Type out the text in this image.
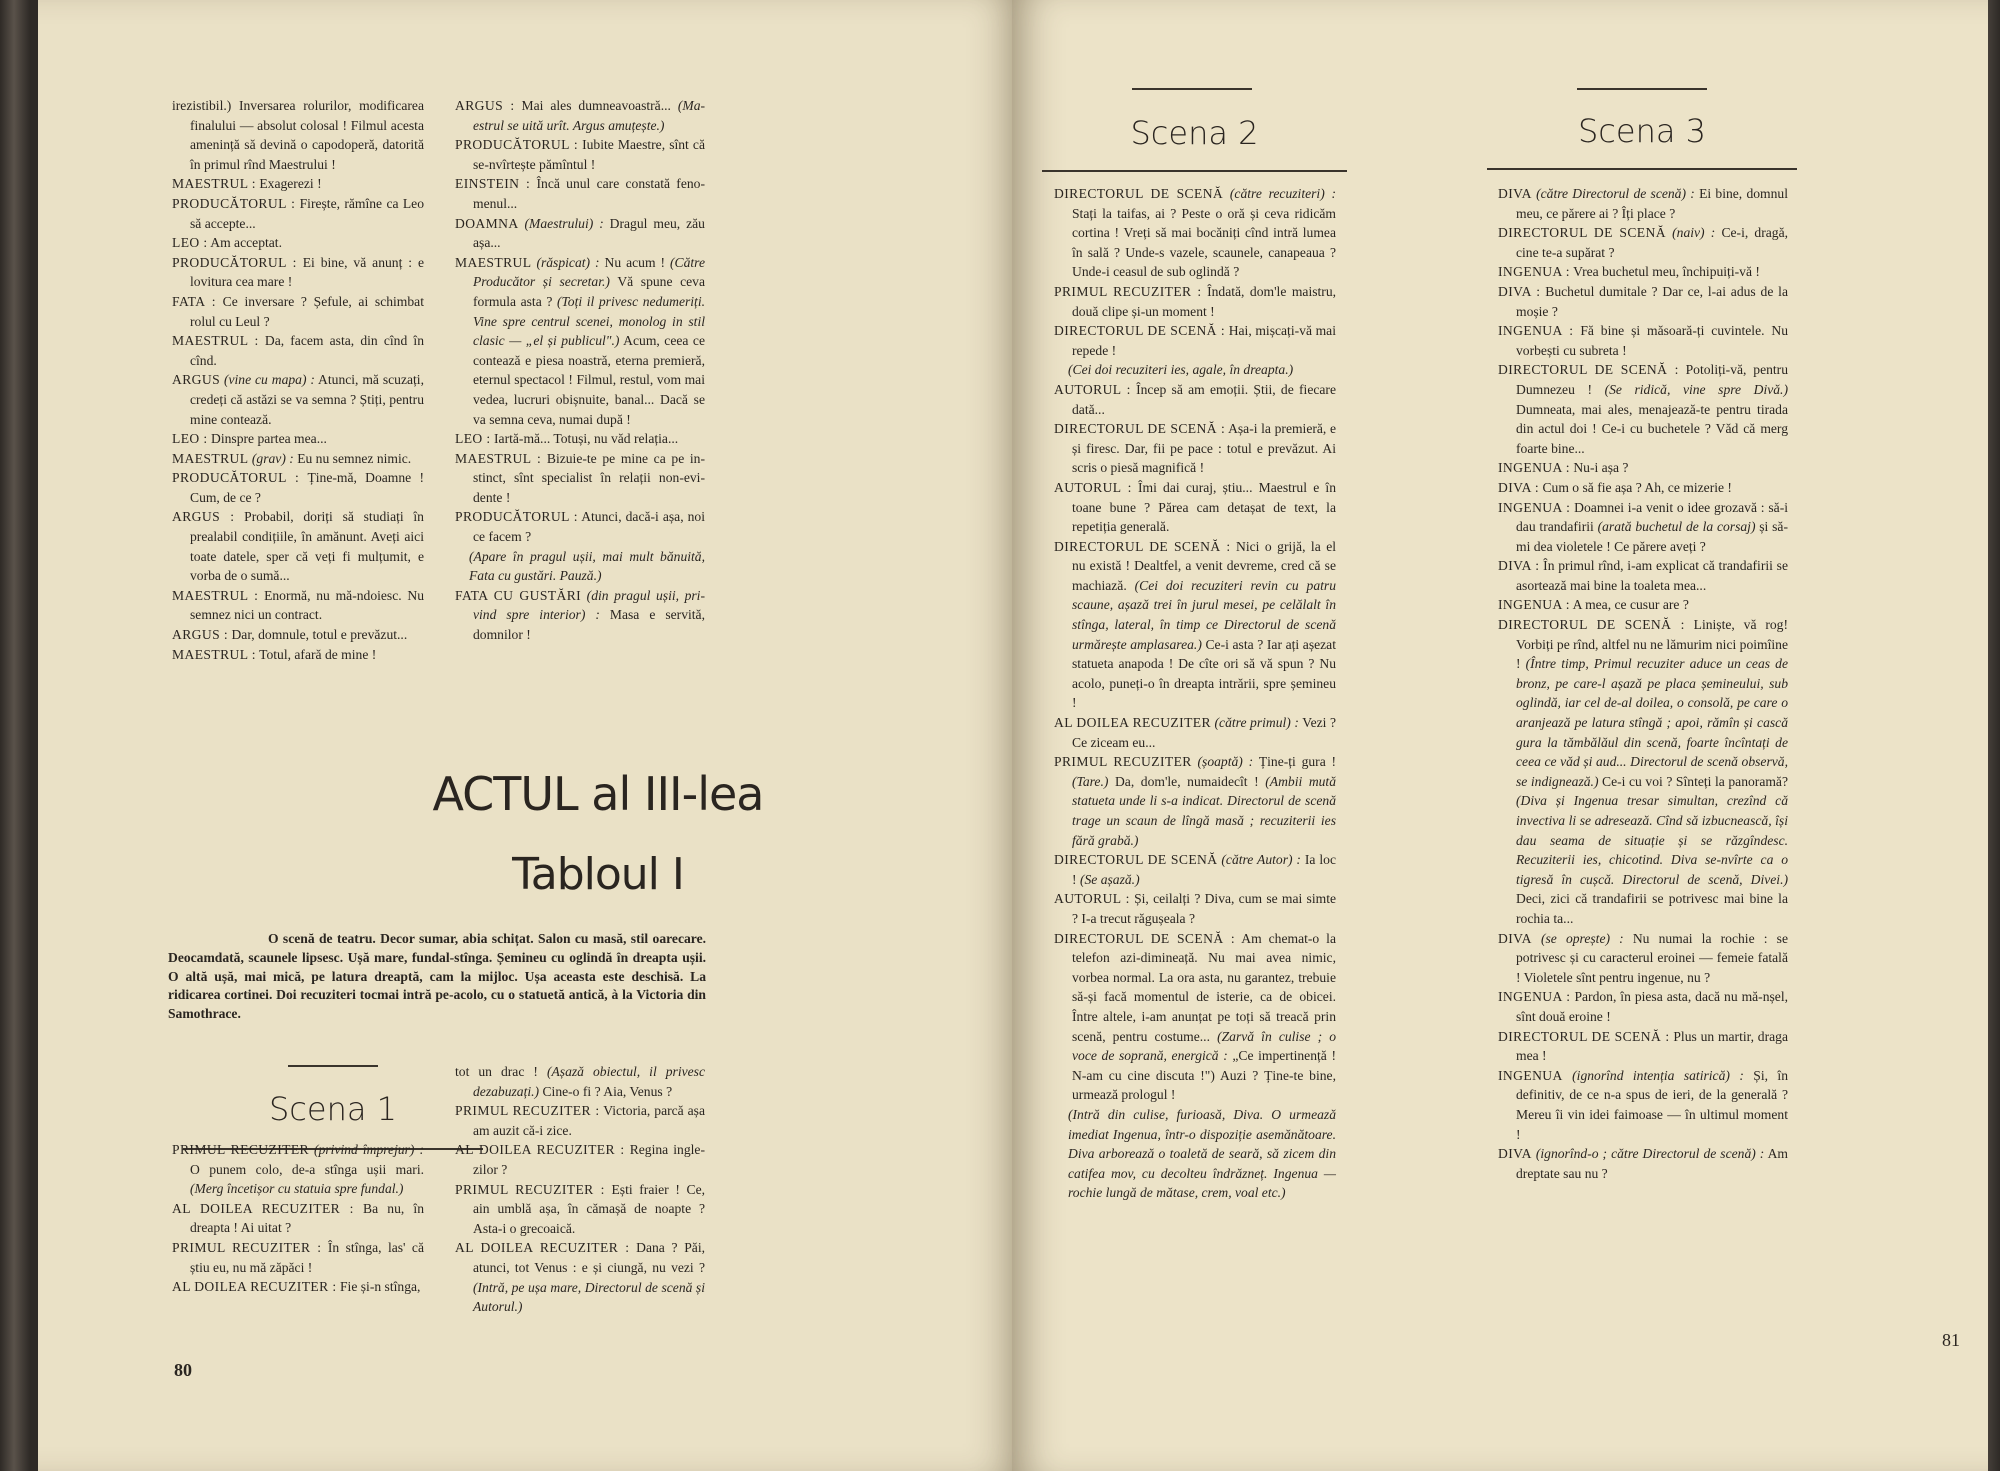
irezistibil.) Inversarea rolurilor, modificarea finalului — absolut colosal ! Filmul acesta amenință să devină o capodoperă, datorită în primul rînd Maestrului !

MAESTRUL : Exagerezi !

PRODUCĂTORUL : Firește, rămîne ca Leo să accepte...

LEO : Am acceptat.

PRODUCĂTORUL : Ei bine, vă anunț : e lovitura cea mare !

FATA : Ce inversare ? Șefule, ai schimbat rolul cu Leul ?

MAESTRUL : Da, facem asta, din cînd în cînd.

ARGUS (vine cu mapa) : Atunci, mă scuzați, credeți că astăzi se va semna ? Știți, pentru mine contează.

LEO : Dinspre partea mea...

MAESTRUL (grav) : Eu nu semnez nimic.

PRODUCĂTORUL : Ține-mă, Doamne ! Cum, de ce ?

ARGUS : Probabil, doriți să studiați în prealabil condițiile, în amănunt. Aveți aici toate datele, sper că veți fi mulțumit, e vorba de o sumă...

MAESTRUL : Enormă, nu mă-ndoiesc. Nu semnez nici un contract.

ARGUS : Dar, domnule, totul e prevăzut...

MAESTRUL : Totul, afară de mine !

ARGUS : Mai ales dumneavoastră... (Maestrul se uită urît. Argus amuțește.)

PRODUCĂTORUL : Iubite Maestre, sînt că se-nvîrtește pămîntul !

EINSTEIN : Încă unul care constată fenomenul...

DOAMNA (Maestrului) : Dragul meu, zău așa...

MAESTRUL (răspicat) : Nu acum ! (Către Producător și secretar.) Vă spune ceva formula asta ? (Toți il privesc nedumeriți. Vine spre centrul scenei, monolog in stil clasic — „el și publicul".) Acum, ceea ce contează e piesa noastră, eterna premieră, eternul spectacol ! Filmul, restul, vom mai vedea, lucruri obișnuite, banal... Dacă se va semna ceva, numai după !

LEO : Iartă-mă... Totuși, nu văd relația...

MAESTRUL : Bizuie-te pe mine ca pe instinct, sînt specialist în relații non-evidente !

PRODUCĂTORUL : Atunci, dacă-i așa, noi ce facem ?

(Apare în pragul ușii, mai mult bănuită, Fata cu gustări. Pauză.)

FATA CU GUSTĂRI (din pragul ușii, privind spre interior) : Masa e servită, domnilor !

ACTUL al III-lea
Tabloul I
O scenă de teatru. Decor sumar, abia schițat. Salon cu masă, stil oarecare. Deocamdată, scaunele lipsesc. Ușă mare, fundal-stînga. Șemineu cu oglindă în dreapta ușii. O altă ușă, mai mică, pe latura dreaptă, cam la mijloc. Ușa aceasta este deschisă. La ridicarea cortinei. Doi recuziteri tocmai intră pe-acolo, cu o statuetă antică, à la Victoria din Samothrace.
Scena 1

PRIMUL RECUZITER (privind împrejur) : O punem colo, de-a stînga ușii mari. (Merg încetișor cu statuia spre fundal.)

AL DOILEA RECUZITER : Ba nu, în dreapta ! Ai uitat ?

PRIMUL RECUZITER : În stînga, las' că știu eu, nu mă zăpăci !

AL DOILEA RECUZITER : Fie și-n stînga,

tot un drac ! (Așază obiectul, il privesc dezabuzați.) Cine-o fi ? Aia, Venus ?

PRIMUL RECUZITER : Victoria, parcă așa am auzit că-i zice.

AL DOILEA RECUZITER : Regina inglezilor ?

PRIMUL RECUZITER : Ești fraier ! Ce, ain umblă așa, în cămașă de noapte ? Asta-i o grecoaică.

AL DOILEA RECUZITER : Dana ? Păi, atunci, tot Venus : e și ciungă, nu vezi ? (Intră, pe ușa mare, Directorul de scenă și Autorul.)

80
Scena 2	Scena 3

DIRECTORUL DE SCENĂ (către recuziteri) : Stați la taifas, ai ? Peste o oră și ceva ridicăm cortina ! Vreți să mai bocăniți cînd intră lumea în sală ? Unde-s vazele, scaunele, canapeaua ? Unde-i ceasul de sub oglindă ?

PRIMUL RECUZITER : Îndată, dom'le maistru, două clipe și-un moment !

DIRECTORUL DE SCENĂ : Hai, mișcați-vă mai repede !

(Cei doi recuziteri ies, agale, în dreapta.)

AUTORUL : Încep să am emoții. Știi, de fiecare dată...

DIRECTORUL DE SCENĂ : Așa-i la premieră, e și firesc. Dar, fii pe pace : totul e prevăzut. Ai scris o piesă magnifică !

AUTORUL : Îmi dai curaj, știu... Maestrul e în toane bune ? Părea cam detașat de text, la repetiția generală.

DIRECTORUL DE SCENĂ : Nici o grijă, la el nu există ! Dealtfel, a venit devreme, cred că se machiază. (Cei doi recuziteri revin cu patru scaune, așază trei în jurul mesei, pe celălalt în stînga, lateral, în timp ce Directorul de scenă urmărește amplasarea.) Ce-i asta ? Iar ați așezat statueta anapoda ! De cîte ori să vă spun ? Nu acolo, puneți-o în dreapta intrării, spre șemineu !

AL DOILEA RECUZITER (către primul) : Vezi ? Ce ziceam eu...

PRIMUL RECUZITER (șoaptă) : Ține-ți gura ! (Tare.) Da, dom'le, numaidecît ! (Ambii mută statueta unde li s-a indicat. Directorul de scenă trage un scaun de lîngă masă ; recuziterii ies fără grabă.)

DIRECTORUL DE SCENĂ (către Autor) : Ia loc ! (Se așază.)

AUTORUL : Și, ceilalți ? Diva, cum se mai simte ? I-a trecut răgușeala ?

DIRECTORUL DE SCENĂ : Am chemat-o la telefon azi-dimineață. Nu mai avea nimic, vorbea normal. La ora asta, nu garantez, trebuie să-și facă momentul de isterie, ca de obicei. Între altele, i-am anunțat pe toți să treacă prin scenă, pentru costume... (Zarvă în culise ; o voce de soprană, energică : „Ce impertinență ! N-am cu cine discuta !") Auzi ? Ține-te bine, urmează prologul !

(Intră din culise, furioasă, Diva. O urmează imediat Ingenua, într-o dispoziție asemănătoare. Diva arborează o toaletă de seară, să zicem din catifea mov, cu decolteu îndrăzneț. Ingenua — rochie lungă de mătase, crem, voal etc.)

DIVA (către Directorul de scenă) : Ei bine, domnul meu, ce părere ai ? Îți place ?

DIRECTORUL DE SCENĂ (naiv) : Ce-i, dragă, cine te-a supărat ?

INGENUA : Vrea buchetul meu, închipuiți-vă !

DIVA : Buchetul dumitale ? Dar ce, l-ai adus de la moșie ?

INGENUA : Fă bine și măsoară-ți cuvintele. Nu vorbești cu subreta !

DIRECTORUL DE SCENĂ : Potoliți-vă, pentru Dumnezeu ! (Se ridică, vine spre Divă.) Dumneata, mai ales, menajează-te pentru tirada din actul doi ! Ce-i cu buchetele ? Văd că merg foarte bine...

INGENUA : Nu-i așa ?

DIVA : Cum o să fie așa ? Ah, ce mizerie !

INGENUA : Doamnei i-a venit o idee grozavă : să-i dau trandafirii (arată buchetul de la corsaj) și să-mi dea violetele ! Ce părere aveți ?

DIVA : În primul rînd, i-am explicat că trandafirii se asortează mai bine la toaleta mea...

INGENUA : A mea, ce cusur are ?

DIRECTORUL DE SCENĂ : Liniște, vă rog! Vorbiți pe rînd, altfel nu ne lămurim nici poimîine ! (Între timp, Primul recuziter aduce un ceas de bronz, pe care-l așază pe placa șemineului, sub oglindă, iar cel de-al doilea, o consolă, pe care o aranjează pe latura stîngă ; apoi, rămîn și cască gura la tămbălăul din scenă, foarte încîntați de ceea ce văd și aud... Directorul de scenă observă, se indignează.) Ce-i cu voi ? Sînteți la panoramă? (Diva și Ingenua tresar simultan, crezînd că invectiva li se adresează. Cînd să izbucnească, își dau seama de situație și se răzgîndesc. Recuziterii ies, chicotind. Diva se-nvîrte ca o tigresă în cușcă. Directorul de scenă, Divei.) Deci, zici că trandafirii se potrivesc mai bine la rochia ta...

DIVA (se oprește) : Nu numai la rochie : se potrivesc și cu caracterul eroinei — femeie fatală ! Violetele sînt pentru ingenue, nu ?

INGENUA : Pardon, în piesa asta, dacă nu mă-nșel, sînt două eroine !

DIRECTORUL DE SCENĂ : Plus un martir, draga mea !

INGENUA (ignorînd intenția satirică) : Și, în definitiv, de ce n-a spus de ieri, de la generală ? Mereu îi vin idei faimoase — în ultimul moment !

DIVA (ignorînd-o ; către Directorul de scenă) : Am dreptate sau nu ?

81
